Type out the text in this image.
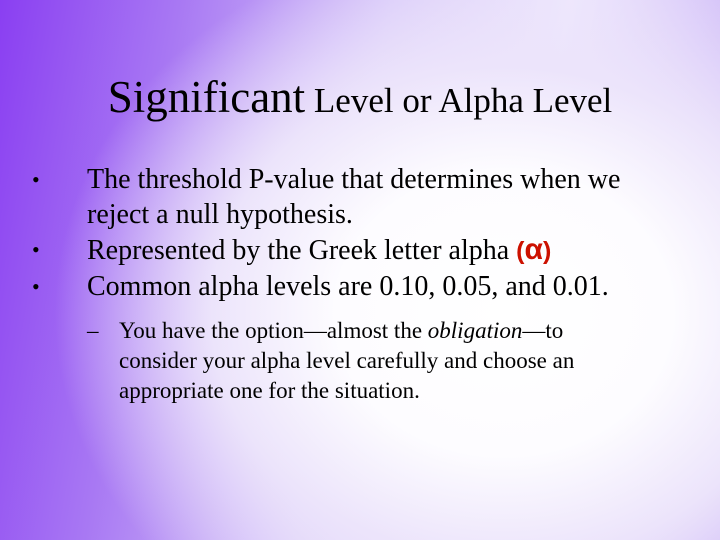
Significant Level or Alpha Level
• The threshold P-value that determines when we reject a null hypothesis.
• Represented by the Greek letter alpha (α)
• Common alpha levels are 0.10, 0.05, and 0.01.
– You have the option—almost the obligation—to consider your alpha level carefully and choose an appropriate one for the situation.
